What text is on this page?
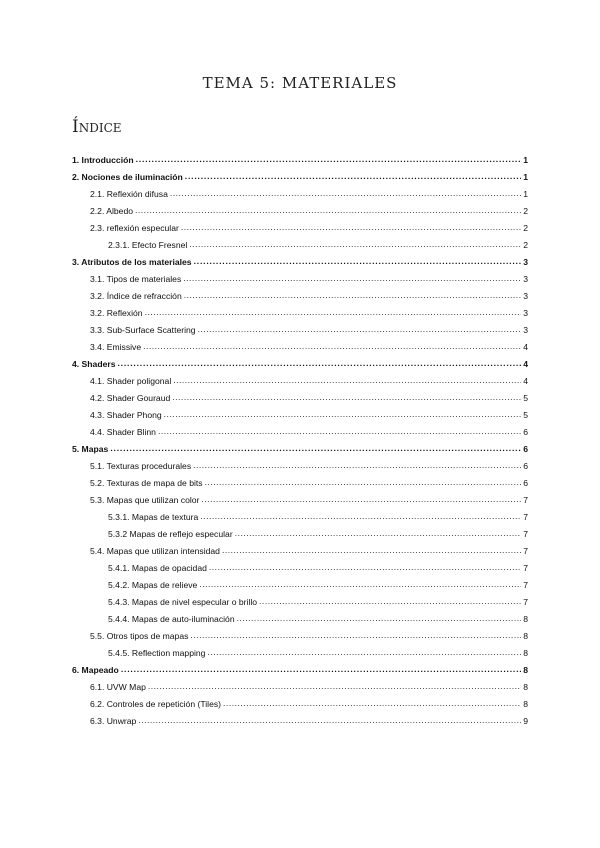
TEMA 5: MATERIALES
Índice
1. Introducción .....	1
2. Nociones de iluminación .....	1
2.1. Reflexión difusa .....	1
2.2. Albedo .....	2
2.3. reflexión especular .....	2
2.3.1. Efecto Fresnel .....	2
3. Atributos de los materiales .....	3
3.1. Tipos de materiales .....	3
3.2. Índice de refracción .....	3
3.2. Reflexión .....	3
3.3. Sub-Surface Scattering .....	3
3.4. Emissive .....	4
4. Shaders .....	4
4.1. Shader poligonal .....	4
4.2. Shader Gouraud .....	5
4.3. Shader Phong .....	5
4.4. Shader Blinn .....	6
5. Mapas .....	6
5.1. Texturas procedurales .....	6
5.2. Texturas de mapa de bits .....	6
5.3. Mapas que utilizan color .....	7
5.3.1. Mapas de textura .....	7
5.3.2 Mapas de reflejo especular .....	7
5.4. Mapas que utilizan intensidad .....	7
5.4.1. Mapas de opacidad .....	7
5.4.2. Mapas de relieve .....	7
5.4.3. Mapas de nivel especular o brillo .....	7
5.4.4. Mapas de auto-iluminación .....	8
5.5. Otros tipos de mapas .....	8
5.4.5. Reflection mapping .....	8
6. Mapeado .....	8
6.1. UVW Map .....	8
6.2. Controles de repetición (Tiles) .....	8
6.3. Unwrap .....	9
